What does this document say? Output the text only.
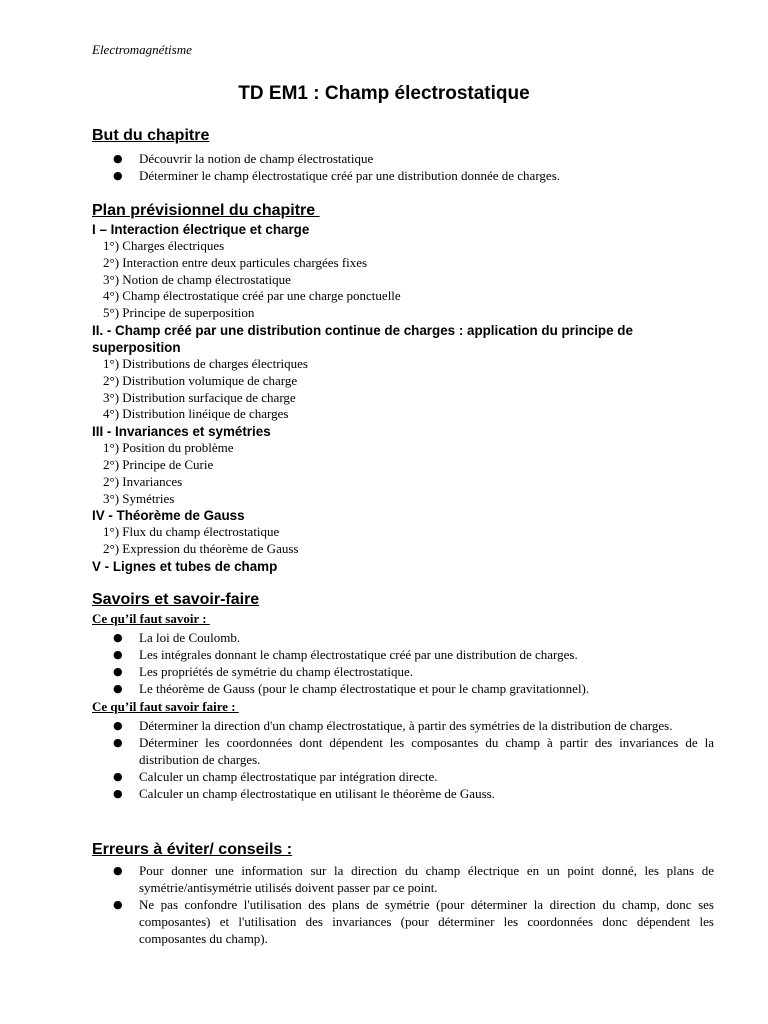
Electromagnétisme
TD EM1 : Champ électrostatique
But du chapitre
● Découvrir la notion de champ électrostatique
● Déterminer le champ électrostatique créé par une distribution donnée de charges.
Plan prévisionnel du chapitre
I – Interaction électrique et charge
1°) Charges électriques
2°) Interaction entre deux particules chargées fixes
3°) Notion de champ électrostatique
4°) Champ électrostatique créé par une charge ponctuelle
5°) Principe de superposition
II. - Champ créé par une distribution continue de charges : application du principe de superposition
1°) Distributions de charges électriques
2°) Distribution volumique de charge
3°) Distribution surfacique de charge
4°) Distribution linéique de charges
III - Invariances et symétries
1°) Position du problème
2°) Principe de Curie
2°) Invariances
3°) Symétries
IV - Théorème de Gauss
1°) Flux du champ électrostatique
2°) Expression du théorème de Gauss
V - Lignes et tubes de champ
Savoirs et savoir-faire
Ce qu’il faut savoir :
● La loi de Coulomb.
● Les intégrales donnant le champ électrostatique créé par une distribution de charges.
● Les propriétés de symétrie du champ électrostatique.
● Le théorème de Gauss (pour le champ électrostatique et pour le champ gravitationnel).
Ce qu’il faut savoir faire :
● Déterminer la direction d'un champ électrostatique, à partir des symétries de la distribution de charges.
● Déterminer les coordonnées dont dépendent les composantes du champ à partir des invariances de la distribution de charges.
● Calculer un champ électrostatique par intégration directe.
● Calculer un champ électrostatique en utilisant le théorème de Gauss.
Erreurs à éviter/ conseils :
● Pour donner une information sur la direction du champ électrique en un point donné, les plans de symétrie/antisymétrie utilisés doivent passer par ce point.
● Ne pas confondre l'utilisation des plans de symétrie (pour déterminer la direction du champ, donc ses composantes) et l'utilisation des invariances (pour déterminer les coordonnées donc dépendent les composantes du champ).
